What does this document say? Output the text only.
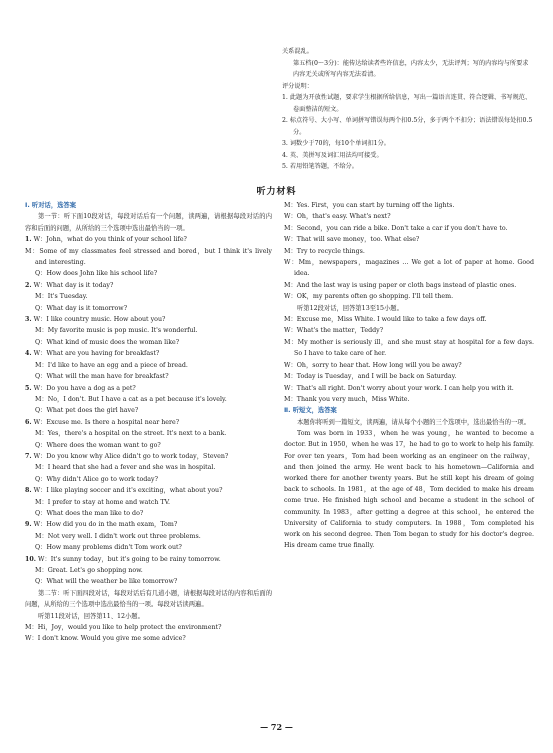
关系混乱。

第五档(0～3分)：能传达给读者些许信息，内容太少，无法评判；写的内容均与所要求内容无关或所写内容无法看清。

评分说明：

1. 此题为开放性试题，要求学生根据所给信息，写出一篇语言连贯、符合逻辑、书写规范、卷面整洁的短文。

2. 标点符号、大小写、单词拼写错误每两个扣0.5分，多于两个不扣分；语法错误每处扣0.5分。

3. 词数少于70的，每10个单词扣1分。

4. 英、美拼写及词汇用法均可接受。

5. 若用铅笔答题，不给分。

听力材料

Ⅰ. 听对话，选答案

第一节：听下面10段对话，每段对话后有一个问题，读两遍，请根据每段对话的内容和后面的问题，从所给的三个选项中选出最恰当的一项。

1. W：John，what do you think of your school life?

M：Some of my classmates feel stressed and bored，but I think it's lively and interesting.

Q：How does John like his school life?

2. W：What day is it today?

M：It's Tuesday.

Q：What day is it tomorrow?

3. W：I like country music. How about you?

M：My favorite music is pop music. It's wonderful.

Q：What kind of music does the woman like?

4. W：What are you having for breakfast?

M：I'd like to have an egg and a piece of bread.

Q：What will the man have for breakfast?

5. W：Do you have a dog as a pet?

M：No，I don't. But I have a cat as a pet because it's lovely.

Q：What pet does the girl have?

6. W：Excuse me. Is there a hospital near here?

M：Yes，there's a hospital on the street. It's next to a bank.

Q：Where does the woman want to go?

7. W：Do you know why Alice didn't go to work today，Steven?

M：I heard that she had a fever and she was in hospital.

Q：Why didn't Alice go to work today?

8. W：I like playing soccer and it's exciting，what about you?

M：I prefer to stay at home and watch TV.

Q：What does the man like to do?

9. W：How did you do in the math exam，Tom?

M：Not very well. I didn't work out three problems.

Q：How many problems didn't Tom work out?

10. W：It's sunny today，but it's going to be rainy tomorrow.

M：Great. Let's go shopping now.

Q：What will the weather be like tomorrow?

第二节：听下面四段对话，每段对话后有几道小题，请根据每段对话的内容和后面的问题，从所给的三个选项中选出最恰当的一项。每段对话读两遍。

听第11段对话，回答第11、12小题。

M：Hi，Joy，would you like to help protect the environment?

W：I don't know. Would you give me some advice?

M：Yes. First，you can start by turning off the lights.

W：Oh，that's easy. What's next?

M：Second，you can ride a bike. Don't take a car if you don't have to.

W：That will save money，too. What else?

M：Try to recycle things.

W：Mm，newspapers，magazines … We get a lot of paper at home. Good idea.

M：And the last way is using paper or cloth bags instead of plastic ones.

W：OK，my parents often go shopping. I'll tell them.

听第12段对话，回答第13至15小题。

M：Excuse me，Miss White. I would like to take a few days off.

W：What's the matter，Teddy?

M：My mother is seriously ill，and she must stay at hospital for a few days. So I have to take care of her.

W：Oh，sorry to hear that. How long will you be away?

M：Today is Tuesday，and I will be back on Saturday.

W：That's all right. Don't worry about your work. I can help you with it.

M：Thank you very much，Miss White.

Ⅱ. 听短文，选答案

本题你将听到一篇短文，读两遍，请从每个小题的三个选项中，选出最恰当的一项。

Tom was born in 1933，when he was young，he wanted to become a doctor. But in 1950，when he was 17，he had to go to work to help his family. For over ten years，Tom had been working as an engineer on the railway，and then joined the army. He went back to his hometown—California and worked there for another twenty years. But he still kept his dream of going back to schools. In 1981，at the age of 48，Tom decided to make his dream come true. He finished high school and became a student in the school of community. In 1983，after getting a degree at this school，he entered the University of California to study computers. In 1988，Tom completed his work on his second degree. Then Tom began to study for his doctor's degree. His dream came true finally.

— 72 —
